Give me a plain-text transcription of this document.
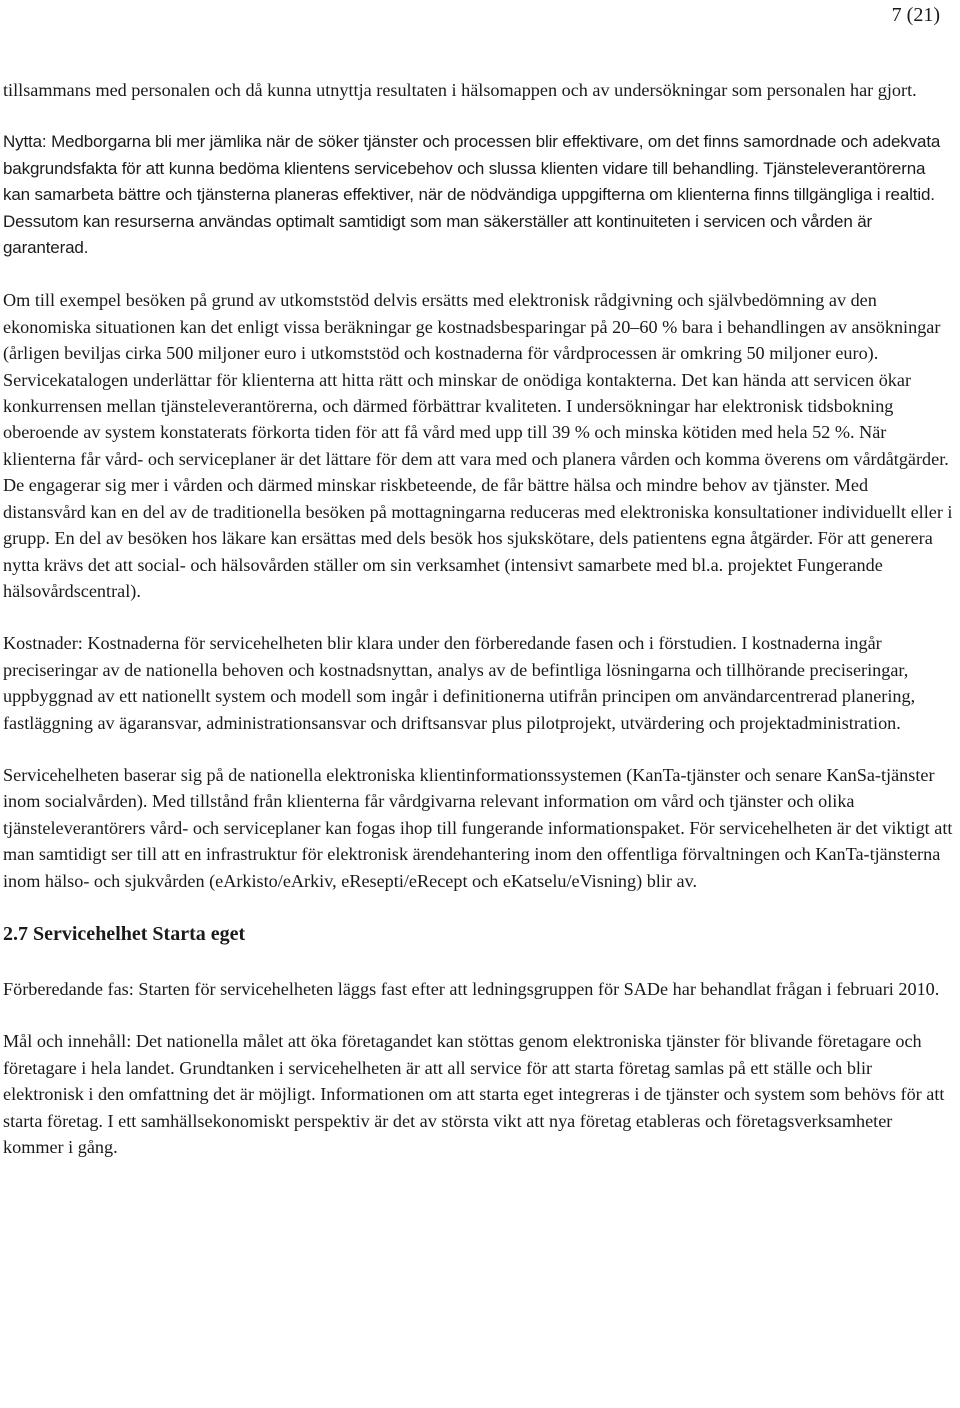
7 (21)

tillsammans med personalen och då kunna utnyttja resultaten i hälsomappen och av undersökningar som personalen har gjort.

Nytta: Medborgarna bli mer jämlika när de söker tjänster och processen blir effektivare, om det finns samordnade och adekvata bakgrundsfakta för att kunna bedöma klientens servicebehov och slussa klienten vidare till behandling. Tjänsteleverantörerna kan samarbeta bättre och tjänsterna planeras effektiver, när de nödvändiga uppgifterna om klienterna finns tillgängliga i realtid. Dessutom kan resurserna användas optimalt samtidigt som man säkerställer att kontinuiteten i servicen och vården är garanterad.

Om till exempel besöken på grund av utkomststöd delvis ersätts med elektronisk rådgivning och självbedömning av den ekonomiska situationen kan det enligt vissa beräkningar ge kostnadsbesparingar på 20–60 % bara i behandlingen av ansökningar (årligen beviljas cirka 500 miljoner euro i utkomststöd och kostnaderna för vårdprocessen är omkring 50 miljoner euro). Servicekatalogen underlättar för klienterna att hitta rätt och minskar de onödiga kontakterna. Det kan hända att servicen ökar konkurrensen mellan tjänsteleverantörerna, och därmed förbättrar kvaliteten. I undersökningar har elektronisk tidsbokning oberoende av system konstaterats förkorta tiden för att få vård med upp till 39 % och minska kötiden med hela 52 %. När klienterna får vård- och serviceplaner är det lättare för dem att vara med och planera vården och komma överens om vårdåtgärder. De engagerar sig mer i vården och därmed minskar riskbeteende, de får bättre hälsa och mindre behov av tjänster. Med distansvård kan en del av de traditionella besöken på mottagningarna reduceras med elektroniska konsultationer individuellt eller i grupp. En del av besöken hos läkare kan ersättas med dels besök hos sjukskötare, dels patientens egna åtgärder. För att generera nytta krävs det att social- och hälsovården ställer om sin verksamhet (intensivt samarbete med bl.a. projektet Fungerande hälsovårdscentral).

Kostnader: Kostnaderna för servicehelheten blir klara under den förberedande fasen och i förstudien. I kostnaderna ingår preciseringar av de nationella behoven och kostnadsnyttan, analys av de befintliga lösningarna och tillhörande preciseringar, uppbyggnad av ett nationellt system och modell som ingår i definitionerna utifrån principen om användarcentrerad planering, fastläggning av ägaransvar, administrationsansvar och driftsansvar plus pilotprojekt, utvärdering och projektadministration.

Servicehelheten baserar sig på de nationella elektroniska klientinformationssystemen (KanTa-tjänster och senare KanSa-tjänster inom socialvården). Med tillstånd från klienterna får vårdgivarna relevant information om vård och tjänster och olika tjänsteleverantörers vård- och serviceplaner kan fogas ihop till fungerande informationspaket. För servicehelheten är det viktigt att man samtidigt ser till att en infrastruktur för elektronisk ärendehantering inom den offentliga förvaltningen och KanTa-tjänsterna inom hälso- och sjukvården (eArkisto/eArkiv, eResepti/eRecept och eKatselu/eVisning) blir av.

2.7 Servicehelhet Starta eget

Förberedande fas: Starten för servicehelheten läggs fast efter att ledningsgruppen för SADe har behandlat frågan i februari 2010.

Mål och innehåll: Det nationella målet att öka företagandet kan stöttas genom elektroniska tjänster för blivande företagare och företagare i hela landet. Grundtanken i servicehelheten är att all service för att starta företag samlas på ett ställe och blir elektronisk i den omfattning det är möjligt. Informationen om att starta eget integreras i de tjänster och system som behövs för att starta företag. I ett samhällsekonomiskt perspektiv är det av största vikt att nya företag etableras och företagsverksamheter kommer i gång.
